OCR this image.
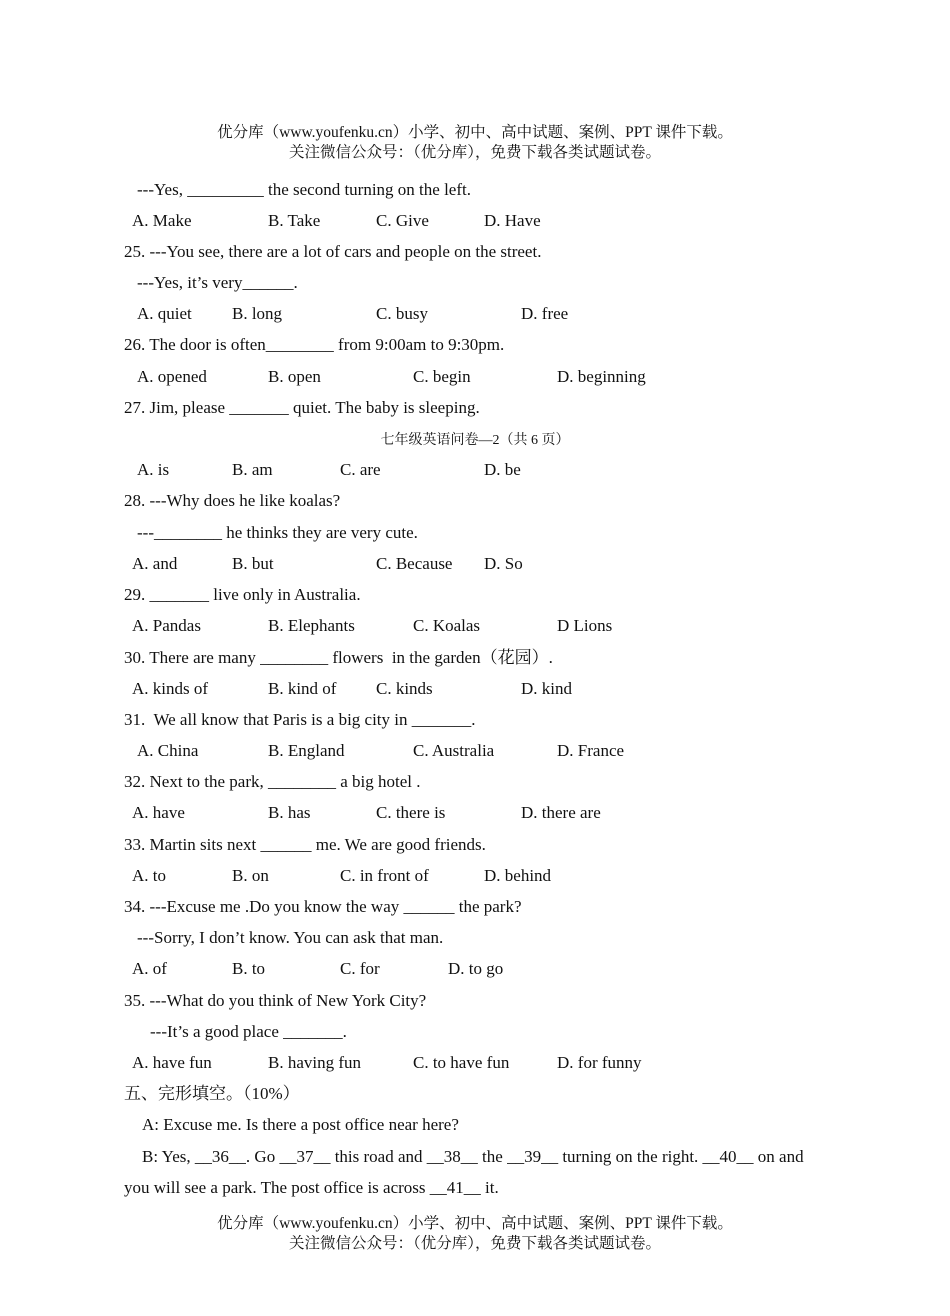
优分库（www.youfenku.cn）小学、初中、高中试题、案例、PPT 课件下载。
关注微信公众号：（优分库），免费下载各类试题试卷。
---Yes, _________ the second turning on the left.
A. Make	B. Take	C. Give	D. Have
25. ---You see, there are a lot of cars and people on the street.
---Yes, it’s very______.
A. quiet B. long	C. busy	D. free
26. The door is often________ from 9:00am to 9:30pm.
A. opened	B. open	C. begin	D. beginning
27. Jim, please _______ quiet. The baby is sleeping.
七年级英语问卷—2（共 6 页）
A. is	B. am	C. are	D. be
28. ---Why does he like koalas?
---________ he thinks they are very cute.
A. and	B. but	C. Because D. So
29. _______ live only in Australia.
A. Pandas	B. Elephants	C. Koalas	D Lions
30. There are many ________ flowers  in the garden（花园）.
A. kinds of	B. kind of C. kinds	D. kind
31.  We all know that Paris is a big city in _______.
A. China	B. England	C. Australia	D. France
32. Next to the park, ________ a big hotel .
A. have	B. has	C. there is	D. there are
33. Martin sits next ______ me. We are good friends.
A. to	B. on	C. in front of	D. behind
34. ---Excuse me .Do you know the way ______ the park?
---Sorry, I don’t know. You can ask that man.
A. of	B. to	C. for	D. to go
35. ---What do you think of New York City?
---It’s a good place _______.
A. have fun	B. having fun	C. to have fun	D. for funny
五、完形填空。（10%）
A: Excuse me. Is there a post office near here?
B: Yes, __36__. Go __37__ this road and __38__ the __39__ turning on the right. __40__ on and
you will see a park. The post office is across __41__ it.
优分库（www.youfenku.cn）小学、初中、高中试题、案例、PPT 课件下载。
关注微信公众号：（优分库），免费下载各类试题试卷。
